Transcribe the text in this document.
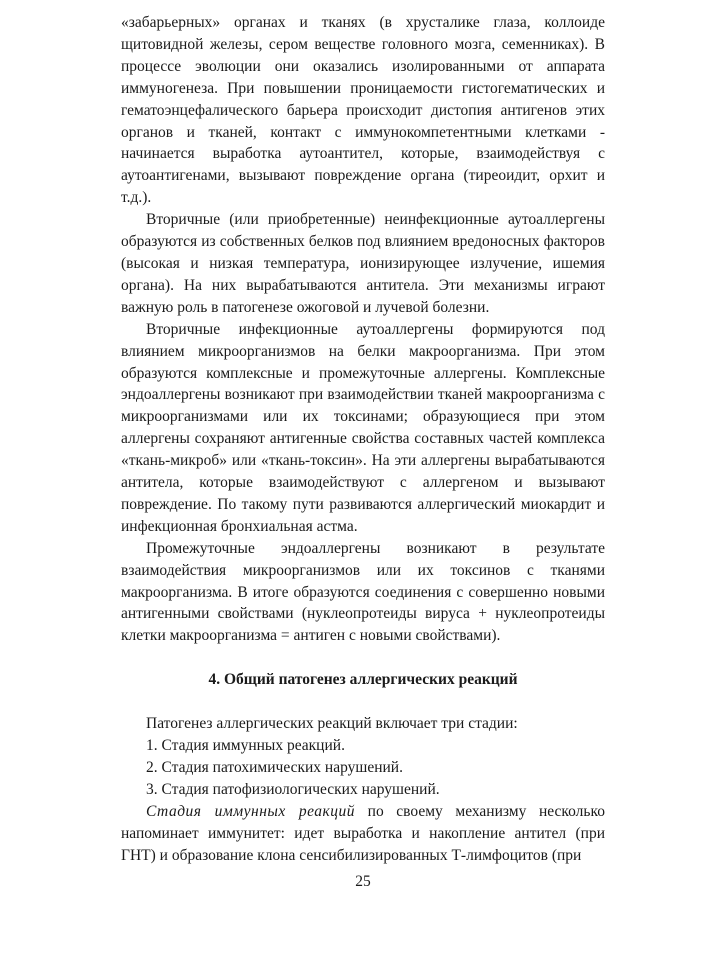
«забарьерных» органах и тканях (в хрусталике глаза, коллоиде щитовидной железы, сером веществе головного мозга, семенниках). В процессе эволюции они оказались изолированными от аппарата иммуногенеза. При повышении проницаемости гистогематических и гематоэнцефалического барьера происходит дистопия антигенов этих органов и тканей, контакт с иммунокомпетентными клетками - начинается выработка аутоантител, которые, взаимодействуя с аутоантигенами, вызывают повреждение органа (тиреоидит, орхит и т.д.).

Вторичные (или приобретенные) неинфекционные аутоаллергены образуются из собственных белков под влиянием вредоносных факторов (высокая и низкая температура, ионизирующее излучение, ишемия органа). На них вырабатываются антитела. Эти механизмы играют важную роль в патогенезе ожоговой и лучевой болезни.

Вторичные инфекционные аутоаллергены формируются под влиянием микроорганизмов на белки макроорганизма. При этом образуются комплексные и промежуточные аллергены. Комплексные эндоаллергены возникают при взаимодействии тканей макроорганизма с микроорганизмами или их токсинами; образующиеся при этом аллергены сохраняют антигенные свойства составных частей комплекса «ткань-микроб» или «ткань-токсин». На эти аллергены вырабатываются антитела, которые взаимодействуют с аллергеном и вызывают повреждение. По такому пути развиваются аллергический миокардит и инфекционная бронхиальная астма.

Промежуточные эндоаллергены возникают в результате взаимодействия микроорганизмов или их токсинов с тканями макроорганизма. В итоге образуются соединения с совершенно новыми антигенными свойствами (нуклеопротеиды вируса + нуклеопротеиды клетки макроорганизма = антиген с новыми свойствами).

4. Общий патогенез аллергических реакций

Патогенез аллергических реакций включает три стадии:

1. Стадия иммунных реакций.

2. Стадия патохимических нарушений.

3. Стадия патофизиологических нарушений.

Стадия иммунных реакций по своему механизму несколько напоминает иммунитет: идет выработка и накопление антител (при ГНТ) и образование клона сенсибилизированных Т-лимфоцитов (при

25
